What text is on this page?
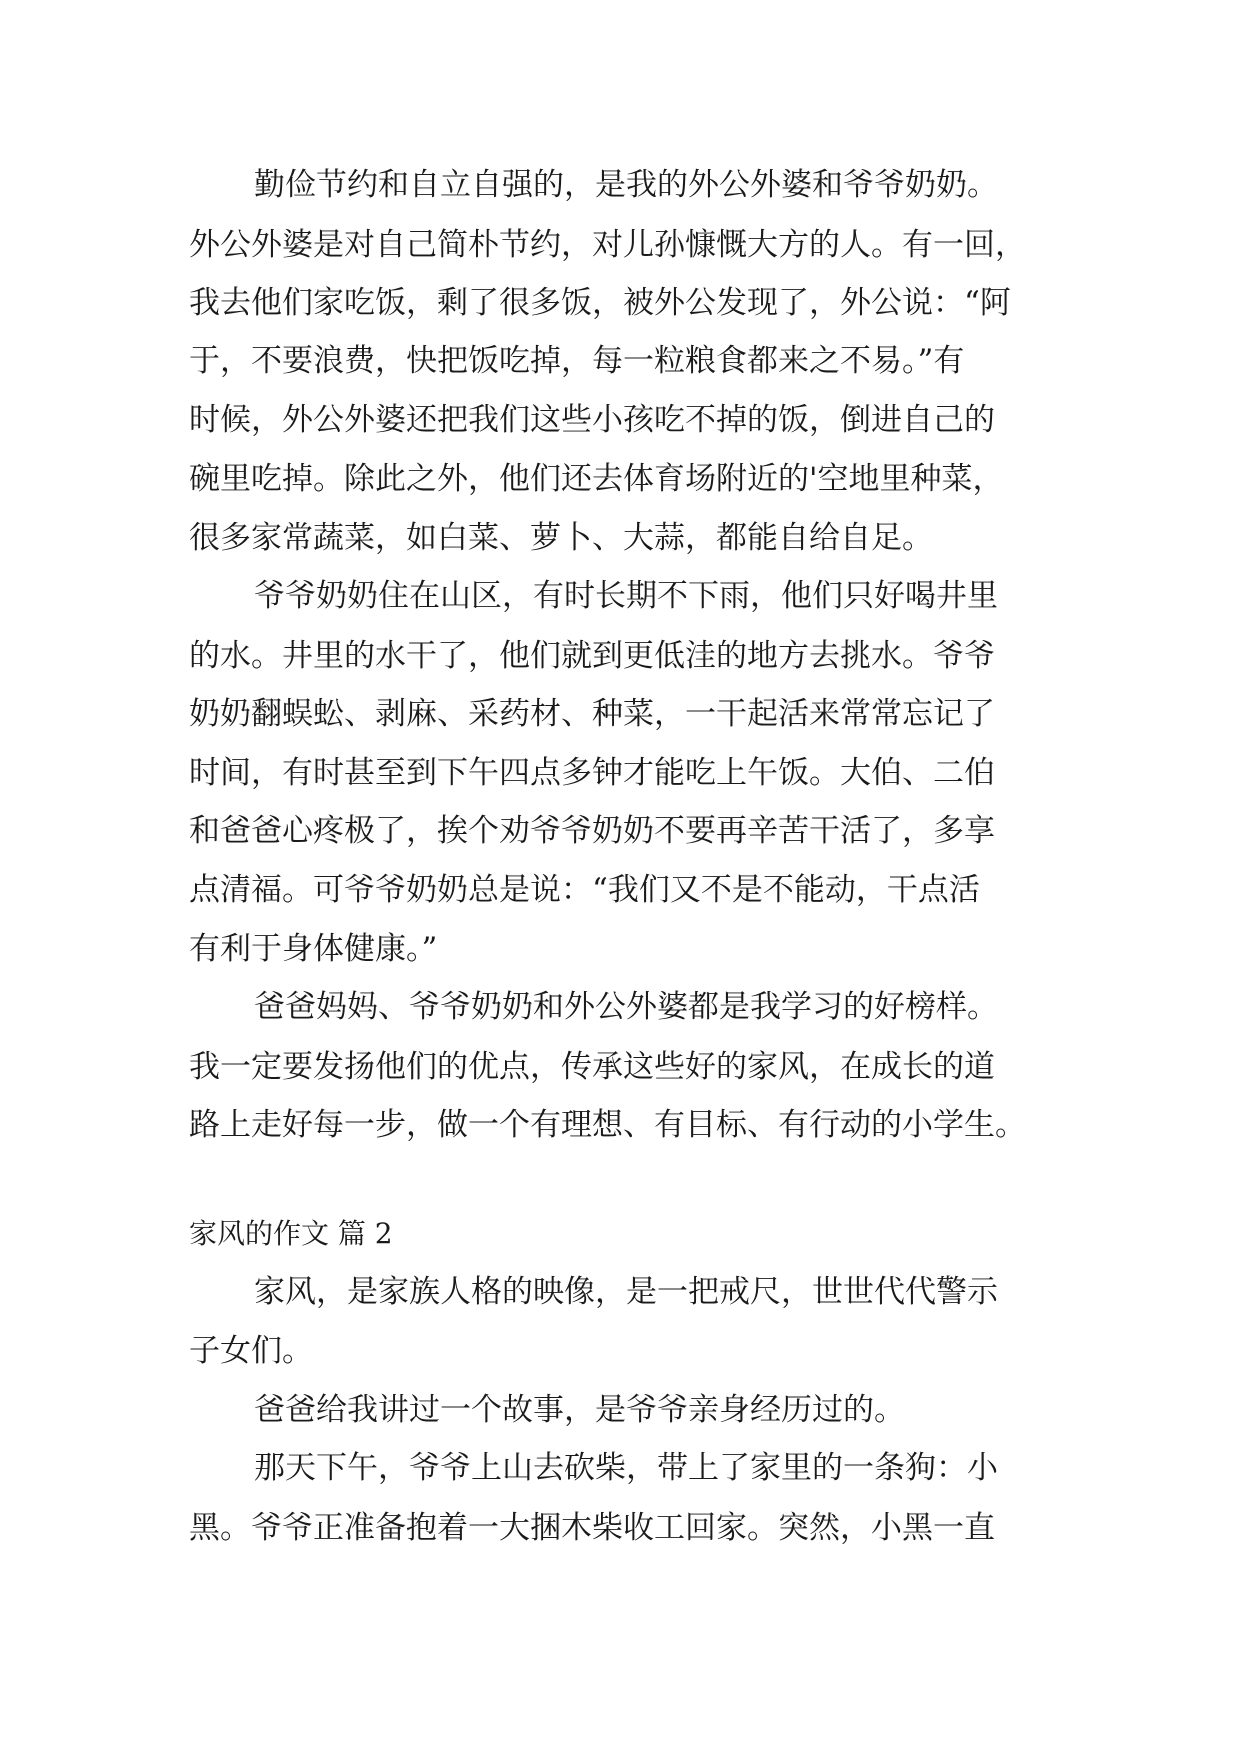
勤俭节约和自立自强的，是我的外公外婆和爷爷奶奶。
外公外婆是对自己简朴节约，对儿孙慷慨大方的人。有一回，
我去他们家吃饭，剩了很多饭，被外公发现了，外公说：“阿
于，不要浪费，快把饭吃掉，每一粒粮食都来之不易。”有
时候，外公外婆还把我们这些小孩吃不掉的饭，倒进自己的
碗里吃掉。除此之外，他们还去体育场附近的'空地里种菜，
很多家常蔬菜，如白菜、萝卜、大蒜，都能自给自足。
爷爷奶奶住在山区，有时长期不下雨，他们只好喝井里
的水。井里的水干了，他们就到更低洼的地方去挑水。爷爷
奶奶翻蜈蚣、剥麻、采药材、种菜，一干起活来常常忘记了
时间，有时甚至到下午四点多钟才能吃上午饭。大伯、二伯
和爸爸心疼极了，挨个劝爷爷奶奶不要再辛苦干活了，多享
点清福。可爷爷奶奶总是说：“我们又不是不能动，干点活
有利于身体健康。”
爸爸妈妈、爷爷奶奶和外公外婆都是我学习的好榜样。
我一定要发扬他们的优点，传承这些好的家风，在成长的道
路上走好每一步，做一个有理想、有目标、有行动的小学生。
家风的作文 篇 2
家风，是家族人格的映像，是一把戒尺，世世代代警示
子女们。
爸爸给我讲过一个故事，是爷爷亲身经历过的。
那天下午，爷爷上山去砍柴，带上了家里的一条狗：小
黑。爷爷正准备抱着一大捆木柴收工回家。突然，小黑一直
